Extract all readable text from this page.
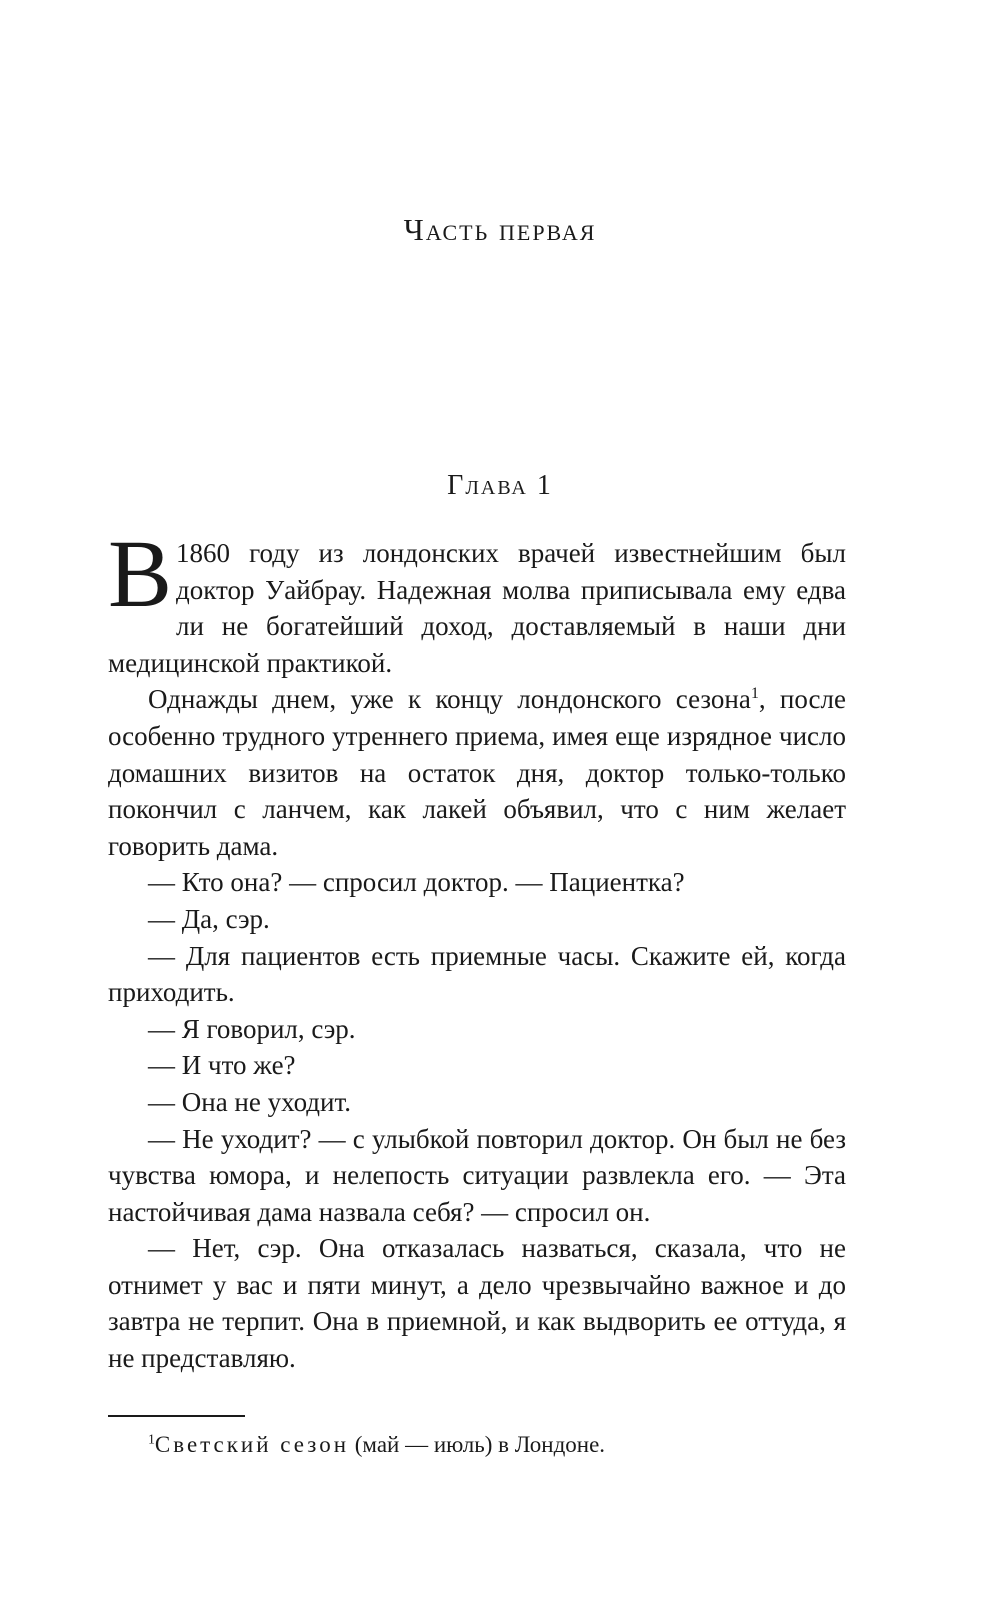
Часть первая
Глава 1

В 1860 году из лондонских врачей известнейшим был доктор Уайбрау. Надежная молва приписывала ему едва ли не богатейший доход, доставляемый в наши дни медицинской практикой.

Однажды днем, уже к концу лондонского сезона$^1$, после особенно трудного утреннего приема, имея еще изрядное число домашних визитов на остаток дня, доктор только-только покончил с ланчем, как лакей объявил, что с ним желает говорить дама.

— Кто она? — спросил доктор. — Пациентка?

— Да, сэр.

— Для пациентов есть приемные часы. Скажите ей, когда приходить.

— Я говорил, сэр.

— И что же?

— Она не уходит.

— Не уходит? — с улыбкой повторил доктор. Он был не без чувства юмора, и нелепость ситуации развлекла его. — Эта настойчивая дама назвала себя? — спросил он.

— Нет, сэр. Она отказалась назваться, сказала, что не отнимет у вас и пяти минут, а дело чрезвычайно важное и до завтра не терпит. Она в приемной, и как выдворить ее оттуда, я не представляю.

$^1$Светский сезон (май — июль) в Лондоне.
